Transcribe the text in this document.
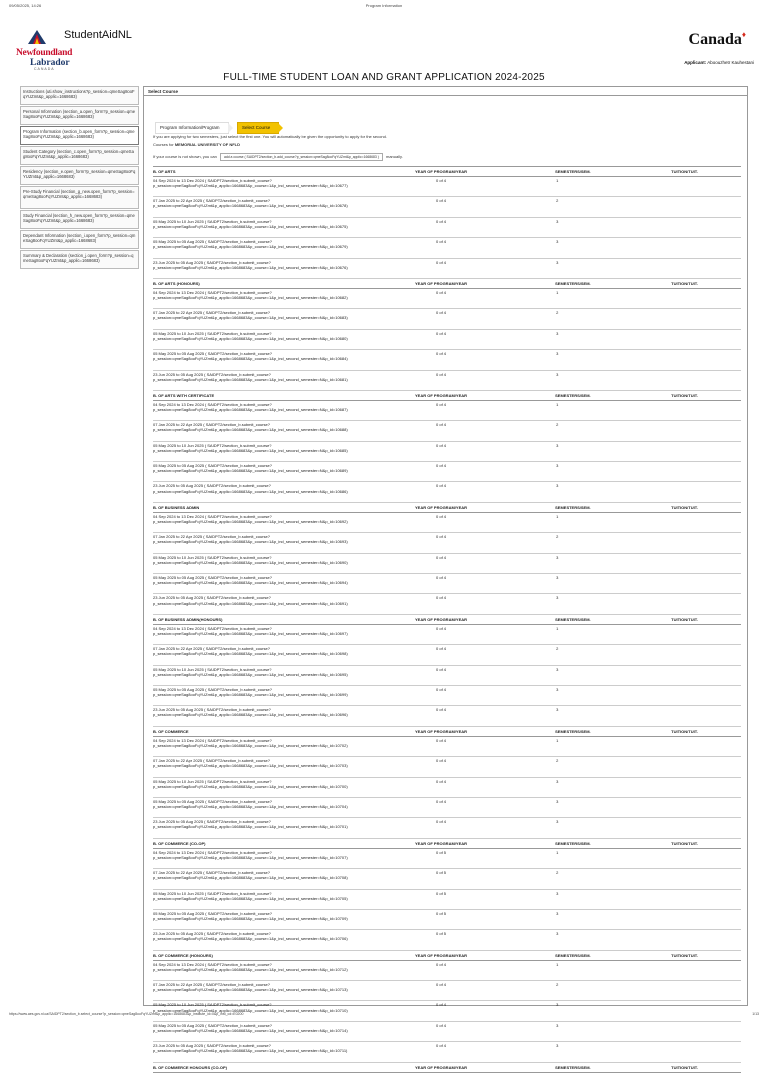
09/05/2025, 14:26	Program Information
Newfoundland
Labrador
CANADA
StudentAidNL	Canada♦
Applicant: Aboouzhetr Kauhestani
FULL-TIME STUDENT LOAN AND GRANT APPLICATION 2024-2025
Instructions (uti.show_instructions?p_session=qmeSag8ooFqYUZmt&p_applic=1668683)
Personal Information (section_a.open_form?p_session=qmeSag8ooFqYUZmt&p_applic=1668683)
Program Information (section_b.open_form?p_session=qmeSag8ooFqYUZmt&p_applic=1668683)
Student Category (section_c.open_form?p_session=qmeSag8ooFqYUZmt&p_applic=1668683)
Residency (section_e.open_form?p_session=qmeSag8ooFqYUZmt&p_applic=1668683)
Pre-Study Financial (section_g_new.open_form?p_session=qmeSag8ooFqYUZmt&p_applic=1668683)
Study Financial (section_h_new.open_form?p_session=qmeSag8ooFqYUZmt&p_applic=1668683)
Dependant Information (section_i.open_form?p_session=qmeSag8ooFqYUZmt&p_applic=1668683)
Summary & Declaration (section_j.open_form?p_session=qmeSag8ooFqYUZmt&p_applic=1668683)
Select Course
Program Information/Program	Select Course
If you are applying for two semesters, just select the first one. You will automatically be given the opportunity to apply for the second.
Courses for MEMORIAL UNIVERSITY OF NFLD
If your course is not shown, you can add a course ( SAIDPT2/section_b.add_course?p_session=qmeSag8ooFqYUZmt&p_applic=1668683 ) manually.
B. OF ARTS	YEAR OF PROGRAM/YEAR	SEMESTERS/SEM.	TUITION/TUIT.

04 Sep 2024 to 13 Dec 2024 ( SAIDPT2/section_b.submit_course?
p_session=qmeSag8ooFqYUZmt&p_applic=1668683&p_course=1&p_ind_second_semester=N&p_id=10677)	0 of 4	1	

07 Jan 2025 to 22 Apr 2025 ( SAIDPT2/section_b.submit_course?
p_session=qmeSag8ooFqYUZmt&p_applic=1668683&p_course=1&p_ind_second_semester=N&p_id=10678)	0 of 4	2	

05 May 2025 to 10 Jun 2025 ( SAIDPT2/section_b.submit_course?
p_session=qmeSag8ooFqYUZmt&p_applic=1668683&p_course=1&p_ind_second_semester=N&p_id=10675)	0 of 4	3	

05 May 2025 to 05 Aug 2025 ( SAIDPT2/section_b.submit_course?
p_session=qmeSag8ooFqYUZmt&p_applic=1668683&p_course=1&p_ind_second_semester=N&p_id=10679)	0 of 4	3	

23 Jun 2025 to 05 Aug 2025 ( SAIDPT2/section_b.submit_course?
p_session=qmeSag8ooFqYUZmt&p_applic=1668683&p_course=1&p_ind_second_semester=N&p_id=10676)	0 of 4	3	
B. OF ARTS (HONOURS)	YEAR OF PROGRAM/YEAR	SEMESTERS/SEM.	TUITION/TUIT.

04 Sep 2024 to 13 Dec 2024 ( SAIDPT2/section_b.submit_course?
p_session=qmeSag8ooFqYUZmt&p_applic=1668683&p_course=1&p_ind_second_semester=N&p_id=10682)	0 of 4	1	

07 Jan 2025 to 22 Apr 2025 ( SAIDPT2/section_b.submit_course?
p_session=qmeSag8ooFqYUZmt&p_applic=1668683&p_course=1&p_ind_second_semester=N&p_id=10683)	0 of 4	2	

05 May 2025 to 10 Jun 2025 ( SAIDPT2/section_b.submit_course?
p_session=qmeSag8ooFqYUZmt&p_applic=1668683&p_course=1&p_ind_second_semester=N&p_id=10680)	0 of 4	3	

05 May 2025 to 05 Aug 2025 ( SAIDPT2/section_b.submit_course?
p_session=qmeSag8ooFqYUZmt&p_applic=1668683&p_course=1&p_ind_second_semester=N&p_id=10684)	0 of 4	3	

23 Jun 2025 to 05 Aug 2025 ( SAIDPT2/section_b.submit_course?
p_session=qmeSag8ooFqYUZmt&p_applic=1668683&p_course=1&p_ind_second_semester=N&p_id=10681)	0 of 4	3	
B. OF ARTS WITH CERTIFICATE	YEAR OF PROGRAM/YEAR	SEMESTERS/SEM.	TUITION/TUIT.

04 Sep 2024 to 13 Dec 2024 ( SAIDPT2/section_b.submit_course?
p_session=qmeSag8ooFqYUZmt&p_applic=1668683&p_course=1&p_ind_second_semester=N&p_id=10687)	0 of 4	1	

07 Jan 2025 to 22 Apr 2025 ( SAIDPT2/section_b.submit_course?
p_session=qmeSag8ooFqYUZmt&p_applic=1668683&p_course=1&p_ind_second_semester=N&p_id=10688)	0 of 4	2	

05 May 2025 to 10 Jun 2025 ( SAIDPT2/section_b.submit_course?
p_session=qmeSag8ooFqYUZmt&p_applic=1668683&p_course=1&p_ind_second_semester=N&p_id=10685)	0 of 4	3	

05 May 2025 to 05 Aug 2025 ( SAIDPT2/section_b.submit_course?
p_session=qmeSag8ooFqYUZmt&p_applic=1668683&p_course=1&p_ind_second_semester=N&p_id=10689)	0 of 4	3	

23 Jun 2025 to 05 Aug 2025 ( SAIDPT2/section_b.submit_course?
p_session=qmeSag8ooFqYUZmt&p_applic=1668683&p_course=1&p_ind_second_semester=N&p_id=10686)	0 of 4	3	
B. OF BUSINESS ADMIN	YEAR OF PROGRAM/YEAR	SEMESTERS/SEM.	TUITION/TUIT.

04 Sep 2024 to 13 Dec 2024 ( SAIDPT2/section_b.submit_course?
p_session=qmeSag8ooFqYUZmt&p_applic=1668683&p_course=1&p_ind_second_semester=N&p_id=10692)	0 of 4	1	

07 Jan 2025 to 22 Apr 2025 ( SAIDPT2/section_b.submit_course?
p_session=qmeSag8ooFqYUZmt&p_applic=1668683&p_course=1&p_ind_second_semester=N&p_id=10693)	0 of 4	2	

05 May 2025 to 10 Jun 2025 ( SAIDPT2/section_b.submit_course?
p_session=qmeSag8ooFqYUZmt&p_applic=1668683&p_course=1&p_ind_second_semester=N&p_id=10690)	0 of 4	3	

05 May 2025 to 05 Aug 2025 ( SAIDPT2/section_b.submit_course?
p_session=qmeSag8ooFqYUZmt&p_applic=1668683&p_course=1&p_ind_second_semester=N&p_id=10694)	0 of 4	3	

23 Jun 2025 to 05 Aug 2025 ( SAIDPT2/section_b.submit_course?
p_session=qmeSag8ooFqYUZmt&p_applic=1668683&p_course=1&p_ind_second_semester=N&p_id=10691)	0 of 4	3	
B. OF BUSINESS ADMIN(HONOURS)	YEAR OF PROGRAM/YEAR	SEMESTERS/SEM.	TUITION/TUIT.

04 Sep 2024 to 13 Dec 2024 ( SAIDPT2/section_b.submit_course?
p_session=qmeSag8ooFqYUZmt&p_applic=1668683&p_course=1&p_ind_second_semester=N&p_id=10697)	0 of 4	1	

07 Jan 2025 to 22 Apr 2025 ( SAIDPT2/section_b.submit_course?
p_session=qmeSag8ooFqYUZmt&p_applic=1668683&p_course=1&p_ind_second_semester=N&p_id=10698)	0 of 4	2	

05 May 2025 to 10 Jun 2025 ( SAIDPT2/section_b.submit_course?
p_session=qmeSag8ooFqYUZmt&p_applic=1668683&p_course=1&p_ind_second_semester=N&p_id=10695)	0 of 4	3	

05 May 2025 to 05 Aug 2025 ( SAIDPT2/section_b.submit_course?
p_session=qmeSag8ooFqYUZmt&p_applic=1668683&p_course=1&p_ind_second_semester=N&p_id=10699)	0 of 4	3	

23 Jun 2025 to 05 Aug 2025 ( SAIDPT2/section_b.submit_course?
p_session=qmeSag8ooFqYUZmt&p_applic=1668683&p_course=1&p_ind_second_semester=N&p_id=10696)	0 of 4	3	
B. OF COMMERCE	YEAR OF PROGRAM/YEAR	SEMESTERS/SEM.	TUITION/TUIT.

04 Sep 2024 to 13 Dec 2024 ( SAIDPT2/section_b.submit_course?
p_session=qmeSag8ooFqYUZmt&p_applic=1668683&p_course=1&p_ind_second_semester=N&p_id=10702)	0 of 4	1	

07 Jan 2025 to 22 Apr 2025 ( SAIDPT2/section_b.submit_course?
p_session=qmeSag8ooFqYUZmt&p_applic=1668683&p_course=1&p_ind_second_semester=N&p_id=10703)	0 of 4	2	

05 May 2025 to 10 Jun 2025 ( SAIDPT2/section_b.submit_course?
p_session=qmeSag8ooFqYUZmt&p_applic=1668683&p_course=1&p_ind_second_semester=N&p_id=10700)	0 of 4	3	

05 May 2025 to 05 Aug 2025 ( SAIDPT2/section_b.submit_course?
p_session=qmeSag8ooFqYUZmt&p_applic=1668683&p_course=1&p_ind_second_semester=N&p_id=10704)	0 of 4	3	

23 Jun 2025 to 05 Aug 2025 ( SAIDPT2/section_b.submit_course?
p_session=qmeSag8ooFqYUZmt&p_applic=1668683&p_course=1&p_ind_second_semester=N&p_id=10701)	0 of 4	3	
B. OF COMMERCE (CO-OP)	YEAR OF PROGRAM/YEAR	SEMESTERS/SEM.	TUITION/TUIT.

04 Sep 2024 to 13 Dec 2024 ( SAIDPT2/section_b.submit_course?
p_session=qmeSag8ooFqYUZmt&p_applic=1668683&p_course=1&p_ind_second_semester=N&p_id=10707)	0 of 5	1	

07 Jan 2025 to 22 Apr 2025 ( SAIDPT2/section_b.submit_course?
p_session=qmeSag8ooFqYUZmt&p_applic=1668683&p_course=1&p_ind_second_semester=N&p_id=10708)	0 of 5	2	

05 May 2025 to 10 Jun 2025 ( SAIDPT2/section_b.submit_course?
p_session=qmeSag8ooFqYUZmt&p_applic=1668683&p_course=1&p_ind_second_semester=N&p_id=10705)	0 of 5	3	

05 May 2025 to 05 Aug 2025 ( SAIDPT2/section_b.submit_course?
p_session=qmeSag8ooFqYUZmt&p_applic=1668683&p_course=1&p_ind_second_semester=N&p_id=10709)	0 of 5	3	

23 Jun 2025 to 05 Aug 2025 ( SAIDPT2/section_b.submit_course?
p_session=qmeSag8ooFqYUZmt&p_applic=1668683&p_course=1&p_ind_second_semester=N&p_id=10706)	0 of 5	3	
B. OF COMMERCE (HONOURS)	YEAR OF PROGRAM/YEAR	SEMESTERS/SEM.	TUITION/TUIT.

04 Sep 2024 to 13 Dec 2024 ( SAIDPT2/section_b.submit_course?
p_session=qmeSag8ooFqYUZmt&p_applic=1668683&p_course=1&p_ind_second_semester=N&p_id=10712)	0 of 4	1	

07 Jan 2025 to 22 Apr 2025 ( SAIDPT2/section_b.submit_course?
p_session=qmeSag8ooFqYUZmt&p_applic=1668683&p_course=1&p_ind_second_semester=N&p_id=10713)	0 of 4	2	

05 May 2025 to 10 Jun 2025 ( SAIDPT2/section_b.submit_course?
p_session=qmeSag8ooFqYUZmt&p_applic=1668683&p_course=1&p_ind_second_semester=N&p_id=10710)	0 of 4	3	

05 May 2025 to 05 Aug 2025 ( SAIDPT2/section_b.submit_course?
p_session=qmeSag8ooFqYUZmt&p_applic=1668683&p_course=1&p_ind_second_semester=N&p_id=10714)	0 of 4	3	

23 Jun 2025 to 05 Aug 2025 ( SAIDPT2/section_b.submit_course?
p_session=qmeSag8ooFqYUZmt&p_applic=1668683&p_course=1&p_ind_second_semester=N&p_id=10711)	0 of 4	3	
B. OF COMMERCE HONOURS (CO-OP)	YEAR OF PROGRAM/YEAR	SEMESTERS/SEM.	TUITION/TUIT.
https://www.aes.gov.nl.ca/SAIDPT2/section_b.select_course?p_session=qmeSag8ooFqYUZmt&p_applic=1668683&p_institute_id=0&p_inst_cd=E0200	1/13
